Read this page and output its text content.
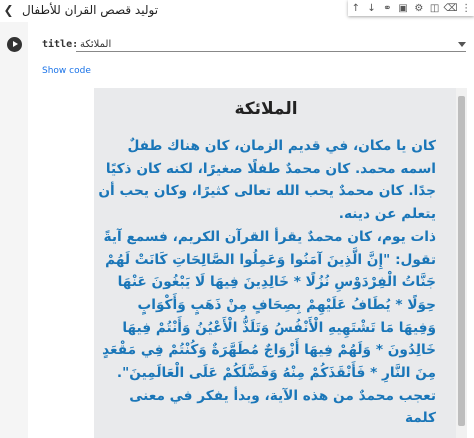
❮ توليد قصص القران للأطفال	↑ ↓ ⚭ ▣ ⚙ ◫ ⌫ ⋮
title: الملائكة
Show code
الملائكة

كان يا مكان، في قديم الزمان، كان هناك طفلٌ اسمه محمد. كان محمدٌ طفلًا صغيرًا، لكنه كان ذكيًا جدًا. كان محمدٌ يحب الله تعالى كثيرًا، وكان يحب أن يتعلم عن دينه.

ذات يوم، كان محمدٌ يقرأ القرآن الكريم، فسمع آيةً تقول: "إِنَّ الَّذِينَ آمَنُوا وَعَمِلُوا الصَّالِحَاتِ كَانَتْ لَهُمْ جَنَّاتُ الْفِرْدَوْسِ نُزُلًا * خَالِدِينَ فِيهَا لَا يَبْغُونَ عَنْهَا حِوَلًا * يُطَافُ عَلَيْهِمْ بِصِحَافٍ مِنْ ذَهَبٍ وَأَكْوَابٍ وَفِيهَا مَا تَشْتَهِيهِ الْأَنْفُسُ وَتَلَذُّ الْأَعْيُنُ وَأَنْتُمْ فِيهَا خَالِدُونَ * وَلَهُمْ فِيهَا أَزْوَاجٌ مُطَهَّرَةٌ وَكُنْتُمْ فِي مَقْعَدٍ مِنَ النَّارِ * فَأَنْقَذَكُمْ مِنْهُ وَفَضَّلَكُمْ عَلَى الْعَالَمِينَ".

تعجب محمدٌ من هذه الآية، وبدأ يفكر في معنى كلمة
